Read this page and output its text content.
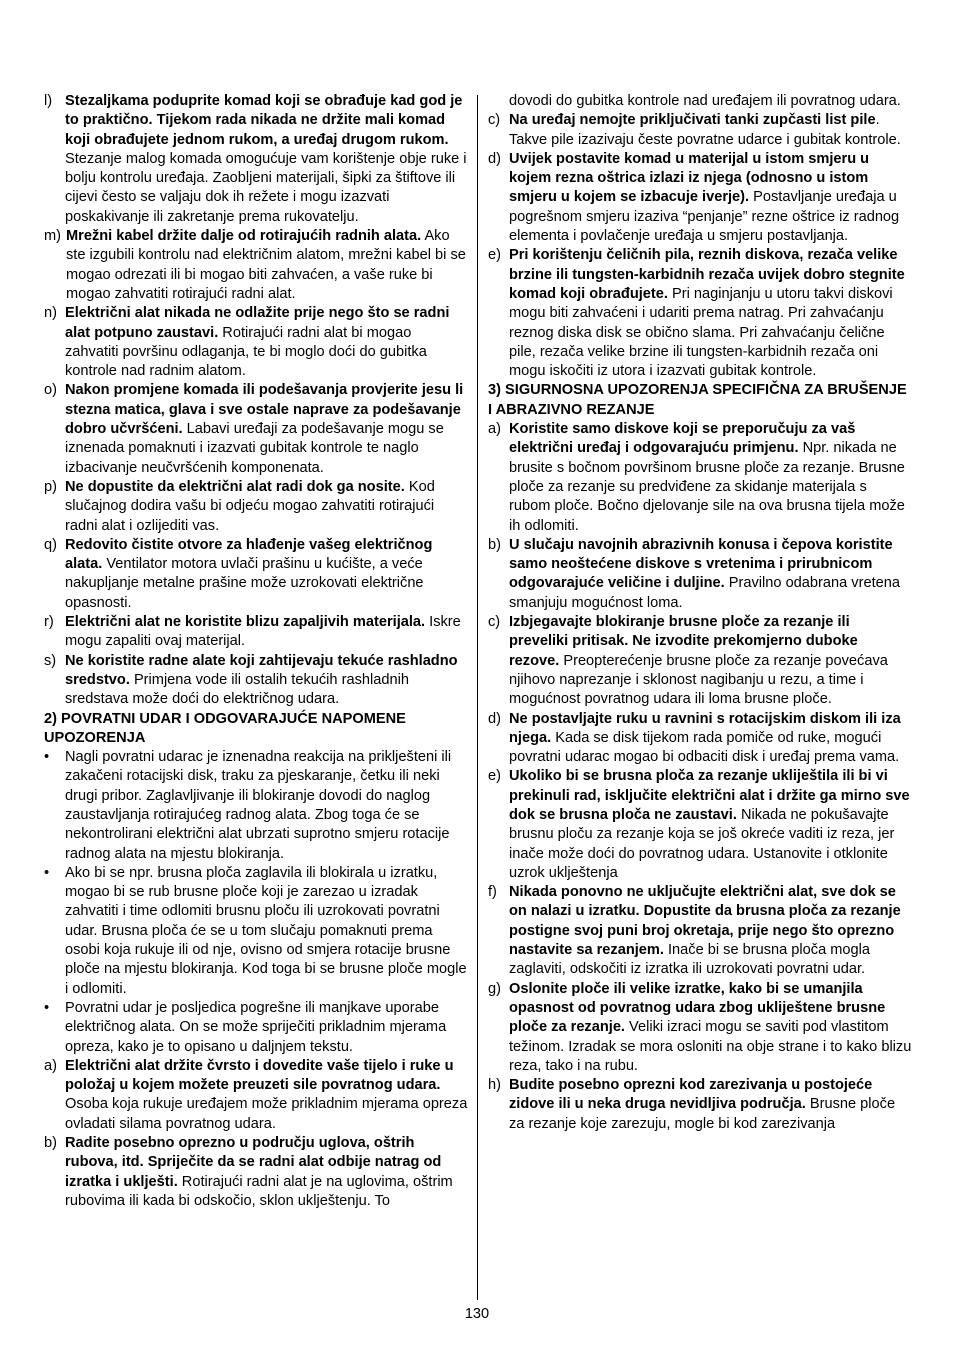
l) Stezaljkama poduprite komad koji se obrađuje kad god je to praktično. Tijekom rada nikada ne držite mali komad koji obrađujete jednom rukom, a uređaj drugom rukom. Stezanje malog komada omogućuje vam korištenje obje ruke i bolju kontrolu uređaja. Zaobljeni materijali, šipki za štiftove ili cijevi često se valjaju dok ih režete i mogu izazvati poskakivanje ili zakretanje prema rukovatelju.
m) Mrežni kabel držite dalje od rotirajućih radnih alata. Ako ste izgubili kontrolu nad električnim alatom, mrežni kabel bi se mogao odrezati ili bi mogao biti zahvaćen, a vaše ruke bi mogao zahvatiti rotirajući radni alat.
n) Električni alat nikada ne odlažite prije nego što se radni alat potpuno zaustavi. Rotirajući radni alat bi mogao zahvatiti površinu odlaganja, te bi moglo doći do gubitka kontrole nad radnim alatom.
o) Nakon promjene komada ili podešavanja provjerite jesu li stezna matica, glava i sve ostale naprave za podešavanje dobro učvršćeni. Labavi uređaji za podešavanje mogu se iznenada pomaknuti i izazvati gubitak kontrole te naglo izbacivanje neučvršćenih komponenata.
p) Ne dopustite da električni alat radi dok ga nosite. Kod slučajnog dodira vašu bi odjeću mogao zahvatiti rotirajući radni alat i ozlijediti vas.
q) Redovito čistite otvore za hlađenje vašeg električnog alata. Ventilator motora uvlači prašinu u kućište, a veće nakupljanje metalne prašine može uzrokovati električne opasnosti.
r) Električni alat ne koristite blizu zapaljivih materijala. Iskre mogu zapaliti ovaj materijal.
s) Ne koristite radne alate koji zahtijevaju tekuće rashladno sredstvo. Primjena vode ili ostalih tekućih rashladnih sredstava može doći do električnog udara.
2) POVRATNI UDAR I ODGOVARAJUĆE NAPOMENE UPOZORENJA
• Nagli povratni udarac je iznenadna reakcija na priklješteni ili zakačeni rotacijski disk, traku za pjeskaranje, četku ili neki drugi pribor. Zaglavljivanje ili blokiranje dovodi do naglog zaustavljanja rotirajućeg radnog alata. Zbog toga će se nekontrolirani električni alat ubrzati suprotno smjeru rotacije radnog alata na mjestu blokiranja.
• Ako bi se npr. brusna ploča zaglavila ili blokirala u izratku, mogao bi se rub brusne ploče koji je zarezao u izradak zahvatiti i time odlomiti brusnu ploču ili uzrokovati povratni udar. Brusna ploča će se u tom slučaju pomaknuti prema osobi koja rukuje ili od nje, ovisno od smjera rotacije brusne ploče na mjestu blokiranja. Kod toga bi se brusne ploče mogle i odlomiti.
• Povratni udar je posljedica pogrešne ili manjkave uporabe električnog alata. On se može spriječiti prikladnim mjerama opreza, kako je to opisano u daljnjem tekstu.
a) Električni alat držite čvrsto i dovedite vaše tijelo i ruke u položaj u kojem možete preuzeti sile povratnog udara. Osoba koja rukuje uređajem može prikladnim mjerama opreza ovladati silama povratnog udara.
b) Radite posebno oprezno u području uglova, oštrih rubova, itd. Spriječite da se radni alat odbije natrag od izratka i uklješti. Rotirajući radni alat je na uglovima, oštrim rubovima ili kada bi odskočio, sklon uklještenju. To
dovodi do gubitka kontrole nad uređajem ili povratnog udara.
c) Na uređaj nemojte priključivati tanki zupčasti list pile. Takve pile izazivaju česte povratne udarce i gubitak kontrole.
d) Uvijek postavite komad u materijal u istom smjeru u kojem rezna oštrica izlazi iz njega (odnosno u istom smjeru u kojem se izbacuje iverje). Postavljanje uređaja u pogrešnom smjeru izaziva “penjanje” rezne oštrice iz radnog elementa i povlačenje uređaja u smjeru postavljanja.
e) Pri korištenju čeličnih pila, reznih diskova, rezača velike brzine ili tungsten-karbidnih rezača uvijek dobro stegnite komad koji obrađujete. Pri naginjanju u utoru takvi diskovi mogu biti zahvaćeni i udariti prema natrag. Pri zahvaćanju reznog diska disk se obično slama. Pri zahvaćanju čelične pile, rezača velike brzine ili tungsten-karbidnih rezača oni mogu iskočiti iz utora i izazvati gubitak kontrole.
3) SIGURNOSNA UPOZORENJA SPECIFIČNA ZA BRUŠENJE I ABRAZIVNO REZANJE
a) Koristite samo diskove koji se preporučuju za vaš električni uređaj i odgovarajuću primjenu. Npr. nikada ne brusite s bočnom površinom brusne ploče za rezanje. Brusne ploče za rezanje su predviđene za skidanje materijala s rubom ploče. Bočno djelovanje sile na ova brusna tijela može ih odlomiti.
b) U slučaju navojnih abrazivnih konusa i čepova koristite samo neoštećene diskove s vretenima i prirubnicom odgovarajuće veličine i duljine. Pravilno odabrana vretena smanjuju mogućnost loma.
c) Izbjegavajte blokiranje brusne ploče za rezanje ili preveliki pritisak. Ne izvodite prekomjerno duboke rezove. Preopterećenje brusne ploče za rezanje povećava njihovo naprezanje i sklonost nagibanju u rezu, a time i mogućnost povratnog udara ili loma brusne ploče.
d) Ne postavljajte ruku u ravnini s rotacijskim diskom ili iza njega. Kada se disk tijekom rada pomiče od ruke, mogući povratni udarac mogao bi odbaciti disk i uređaj prema vama.
e) Ukoliko bi se brusna ploča za rezanje ukliještila ili bi vi prekinuli rad, isključite električni alat i držite ga mirno sve dok se brusna ploča ne zaustavi. Nikada ne pokušavajte brusnu ploču za rezanje koja se još okreće vaditi iz reza, jer inače može doći do povratnog udara. Ustanovite i otklonite uzrok uklještenja
f) Nikada ponovno ne uključujte električni alat, sve dok se on nalazi u izratku. Dopustite da brusna ploča za rezanje postigne svoj puni broj okretaja, prije nego što oprezno nastavite sa rezanjem. Inače bi se brusna ploča mogla zaglaviti, odskočiti iz izratka ili uzrokovati povratni udar.
g) Oslonite ploče ili velike izratke, kako bi se umanjila opasnost od povratnog udara zbog ukliještene brusne ploče za rezanje. Veliki izraci mogu se saviti pod vlastitom težinom. Izradak se mora osloniti na obje strane i to kako blizu reza, tako i na rubu.
h) Budite posebno oprezni kod zarezivanja u postojeće zidove ili u neka druga nevidljiva područja. Brusne ploče za rezanje koje zarezuju, mogle bi kod zarezivanja
130
